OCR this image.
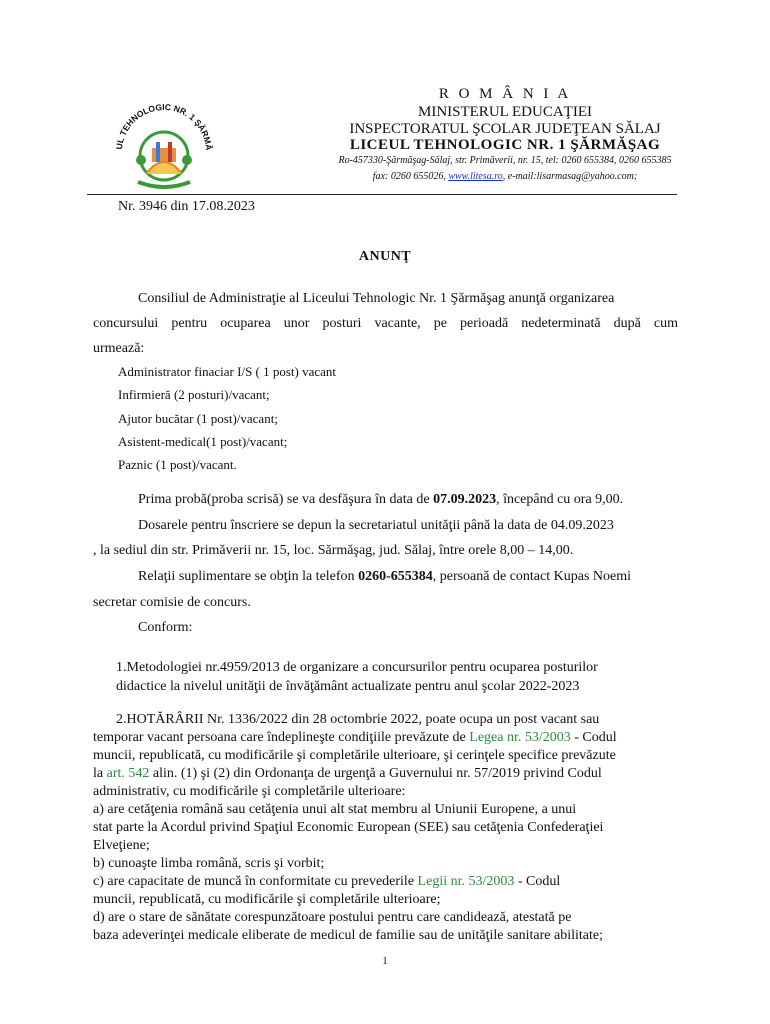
UL TEHNOLOGIC NR. 1 ŞĂRMĂ
R O M Â N I A
MINISTERUL EDUCAŢIEI
INSPECTORATUL ŞCOLAR JUDEŢEAN SĂLAJ
LICEUL TEHNOLOGIC NR. 1 ŞĂRMĂŞAG
Ro-457330-Şărmăşag-Sălaj, str. Primăverii, nr. 15, tel: 0260 655384, 0260 655385
fax: 0260 655026, www.litesa.ro, e-mail:lisarmasag@yahoo.com;
Nr. 3946 din 17.08.2023
ANUNŢ
Consiliul de Administraţie al Liceului Tehnologic Nr. 1 Şărmăşag anunţă organizarea
concursului pentru ocuparea unor posturi vacante, pe perioadă nedeterminată după cum
urmează:
Administrator finaciar I/S ( 1 post) vacant
Infirmieră (2 posturi)/vacant;
Ajutor bucătar (1 post)/vacant;
Asistent-medical(1 post)/vacant;
Paznic (1 post)/vacant.
Prima probă(proba scrisă) se va desfăşura în data de 07.09.2023, începând cu ora 9,00.
Dosarele pentru înscriere se depun la secretariatul unităţii până la data de 04.09.2023
, la sediul din str. Primăverii nr. 15, loc. Sărmăşag, jud. Sălaj, între orele 8,00 – 14,00.
Relaţii suplimentare se obţin la telefon 0260-655384, persoană de contact Kupas Noemi
secretar comisie de concurs.
Conform:
1.Metodologiei nr.4959/2013 de organizare a concursurilor pentru ocuparea posturilor
didactice la nivelul unităţii de învăţământ actualizate pentru anul şcolar 2022-2023
2.HOTĂRÂRII Nr. 1336/2022 din 28 octombrie 2022, poate ocupa un post vacant sau
temporar vacant persoana care îndeplineşte condiţiile prevăzute de Legea nr. 53/2003 - Codul
muncii, republicată, cu modificările şi completările ulterioare, şi cerinţele specifice prevăzute
la art. 542 alin. (1) şi (2) din Ordonanţa de urgenţă a Guvernului nr. 57/2019 privind Codul
administrativ, cu modificările şi completările ulterioare:
a) are cetăţenia română sau cetăţenia unui alt stat membru al Uniunii Europene, a unui
stat parte la Acordul privind Spaţiul Economic European (SEE) sau cetăţenia Confederaţiei
Elveţiene;
b) cunoaşte limba română, scris şi vorbit;
c) are capacitate de muncă în conformitate cu prevederile Legii nr. 53/2003 - Codul
muncii, republicată, cu modificările şi completările ulterioare;
d) are o stare de sănătate corespunzătoare postului pentru care candidează, atestată pe
baza adeverinţei medicale eliberate de medicul de familie sau de unităţile sanitare abilitate;
1
